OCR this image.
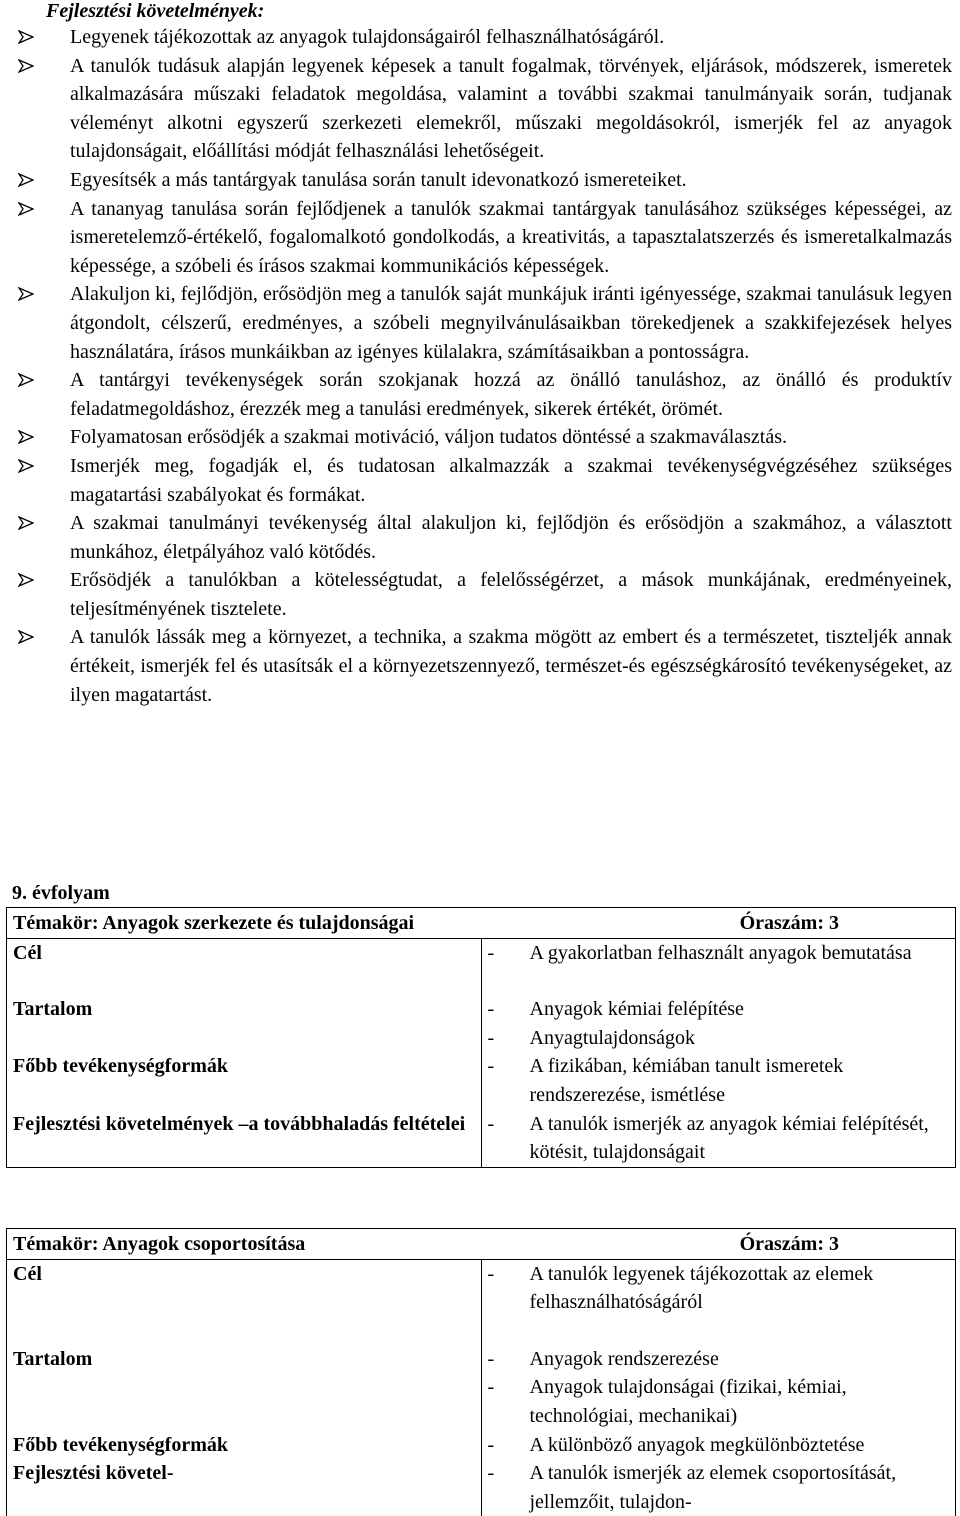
Fejlesztési követelmények:
Legyenek tájékozottak az anyagok tulajdonságairól felhasználhatóságáról.
A tanulók tudásuk alapján legyenek képesek a tanult fogalmak, törvények, eljárások, módszerek, ismeretek alkalmazására műszaki feladatok megoldása, valamint a további szakmai tanulmányaik során, tudjanak véleményt alkotni egyszerű szerkezeti elemekről, műszaki megoldásokról, ismerjék fel az anyagok tulajdonságait, előállítási módját felhasználási lehetőségeit.
Egyesítsék a más tantárgyak tanulása során tanult idevonatkozó ismereteiket.
A tananyag tanulása során fejlődjenek a tanulók szakmai tantárgyak tanulásához szükséges képességei, az ismeretelemző-értékelő, fogalomalkotó gondolkodás, a kreativitás, a tapasztalatszerzés és ismeretalkalmazás képessége, a szóbeli és írásos szakmai kommunikációs képességek.
Alakuljon ki, fejlődjön, erősödjön meg a tanulók saját munkájuk iránti igényessége, szakmai tanulásuk legyen átgondolt, célszerű, eredményes, a szóbeli megnyilvánulásaikban törekedjenek a szakkifejezések helyes használatára, írásos munkáikban az igényes külalakra, számításaikban a pontosságra.
A tantárgyi tevékenységek során szokjanak hozzá az önálló tanuláshoz, az önálló és produktív feladatmegoldáshoz, érezzék meg a tanulási eredmények, sikerek értékét, örömét.
Folyamatosan erősödjék a szakmai motiváció, váljon tudatos döntéssé a szakmaválasztás.
Ismerjék meg, fogadják el, és tudatosan alkalmazzák a szakmai tevékenységvégzéséhez szükséges magatartási szabályokat és formákat.
A szakmai tanulmányi tevékenység által alakuljon ki, fejlődjön és erősödjön a szakmához, a választott munkához, életpályához való kötődés.
Erősödjék a tanulókban a kötelességtudat, a felelősségérzet, a mások munkájának, eredményeinek, teljesítményének tisztelete.
A tanulók lássák meg a környezet, a technika, a szakma mögött az embert és a természetet, tiszteljék annak értékeit, ismerjék fel és utasítsák el a környezetszennyező, természet-és egészségkárosító tevékenységeket, az ilyen magatartást.
9. évfolyam
Témakör: Anyagok szerkezete és tulajdonságai Óraszám: 3	

Cél	- A gyakorlatban felhasznált anyagok bemutatása

Tartalom	- Anyagok kémiai felépítése
- Anyagtulajdonságok

Főbb tevékenységformák	- A fizikában, kémiában tanult ismeretek rendszerezése, ismétlése

Fejlesztési követelmények –a továbbhaladás feltételei	- A tanulók ismerjék az anyagok kémiai felépítését, kötésit, tulajdonságait
Témakör: Anyagok csoportosítása Óraszám: 3	

Cél	- A tanulók legyenek tájékozottak az elemek felhasználhatóságáról

Tartalom	- Anyagok rendszerezése
- Anyagok tulajdonságai (fizikai, kémiai, technológiai, mechanikai)

Főbb tevékenységformák	- A különböző anyagok megkülönböztetése

Fejlesztési követel-	- A tanulók ismerjék az elemek csoportosítását, jellemzőit, tulajdon-
